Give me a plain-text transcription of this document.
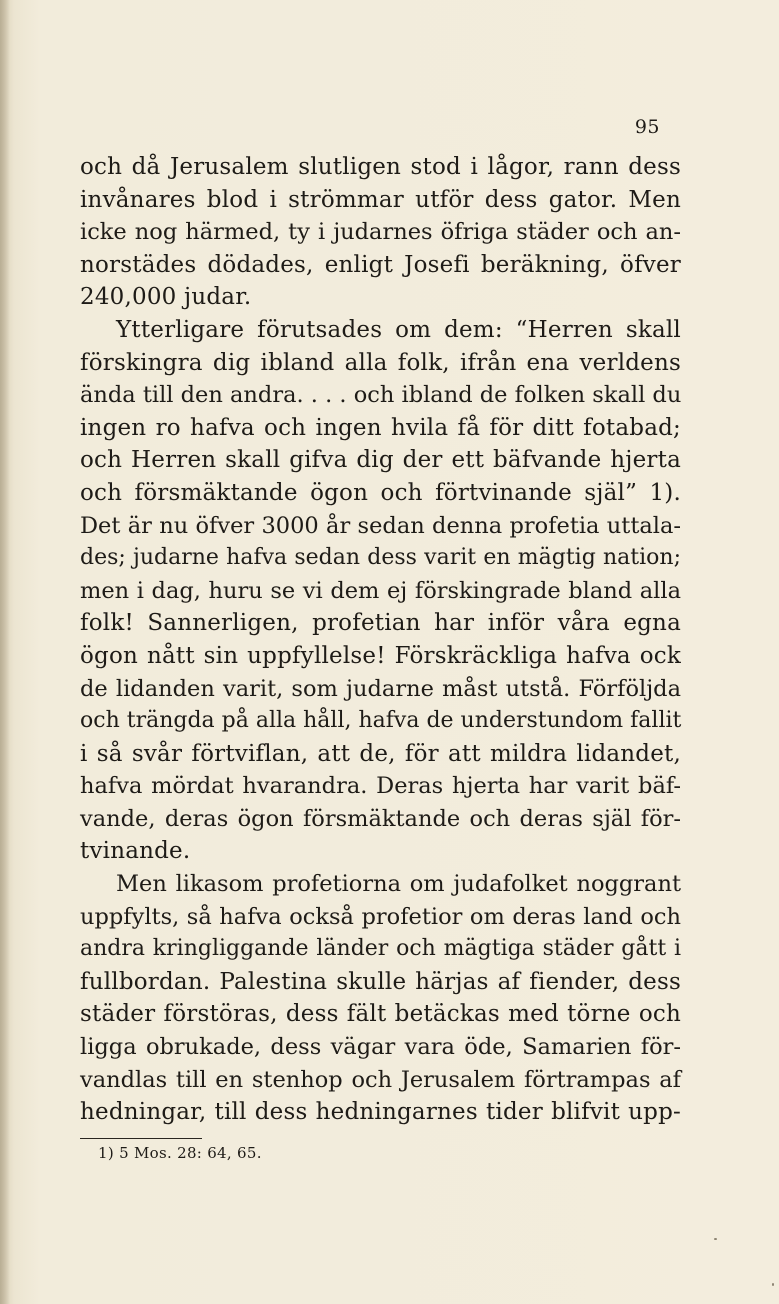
95
och då Jerusalem slutligen stod i lågor, rann dess
invånares blod i strömmar utför dess gator. Men
icke nog härmed, ty i judarnes öfriga städer och an-
norstädes dödades, enligt Josefi beräkning, öfver
240,000 judar.
Ytterligare förutsades om dem: “Herren skall
förskingra dig ibland alla folk, ifrån ena verldens
ända till den andra. . . . och ibland de folken skall du
ingen ro hafva och ingen hvila få för ditt fotabad;
och Herren skall gifva dig der ett bäfvande hjerta
och försmäktande ögon och förtvinande själ” 1).
Det är nu öfver 3000 år sedan denna profetia uttala-
des; judarne hafva sedan dess varit en mägtig nation;
men i dag, huru se vi dem ej förskingrade bland alla
folk! Sannerligen, profetian har inför våra egna
ögon nått sin uppfyllelse! Förskräckliga hafva ock
de lidanden varit, som judarne måst utstå. Förföljda
och trängda på alla håll, hafva de understundom fallit
i så svår förtviflan, att de, för att mildra lidandet,
hafva mördat hvarandra. Deras hjerta har varit bäf-
vande, deras ögon försmäktande och deras själ för-
tvinande.
Men likasom profetiorna om judafolket noggrant
uppfylts, så hafva också profetior om deras land och
andra kringliggande länder och mägtiga städer gått i
fullbordan. Palestina skulle härjas af fiender, dess
städer förstöras, dess fält betäckas med törne och
ligga obrukade, dess vägar vara öde, Samarien för-
vandlas till en stenhop och Jerusalem förtrampas af
hedningar, till dess hedningarnes tider blifvit upp-
1) 5 Mos. 28: 64, 65.
